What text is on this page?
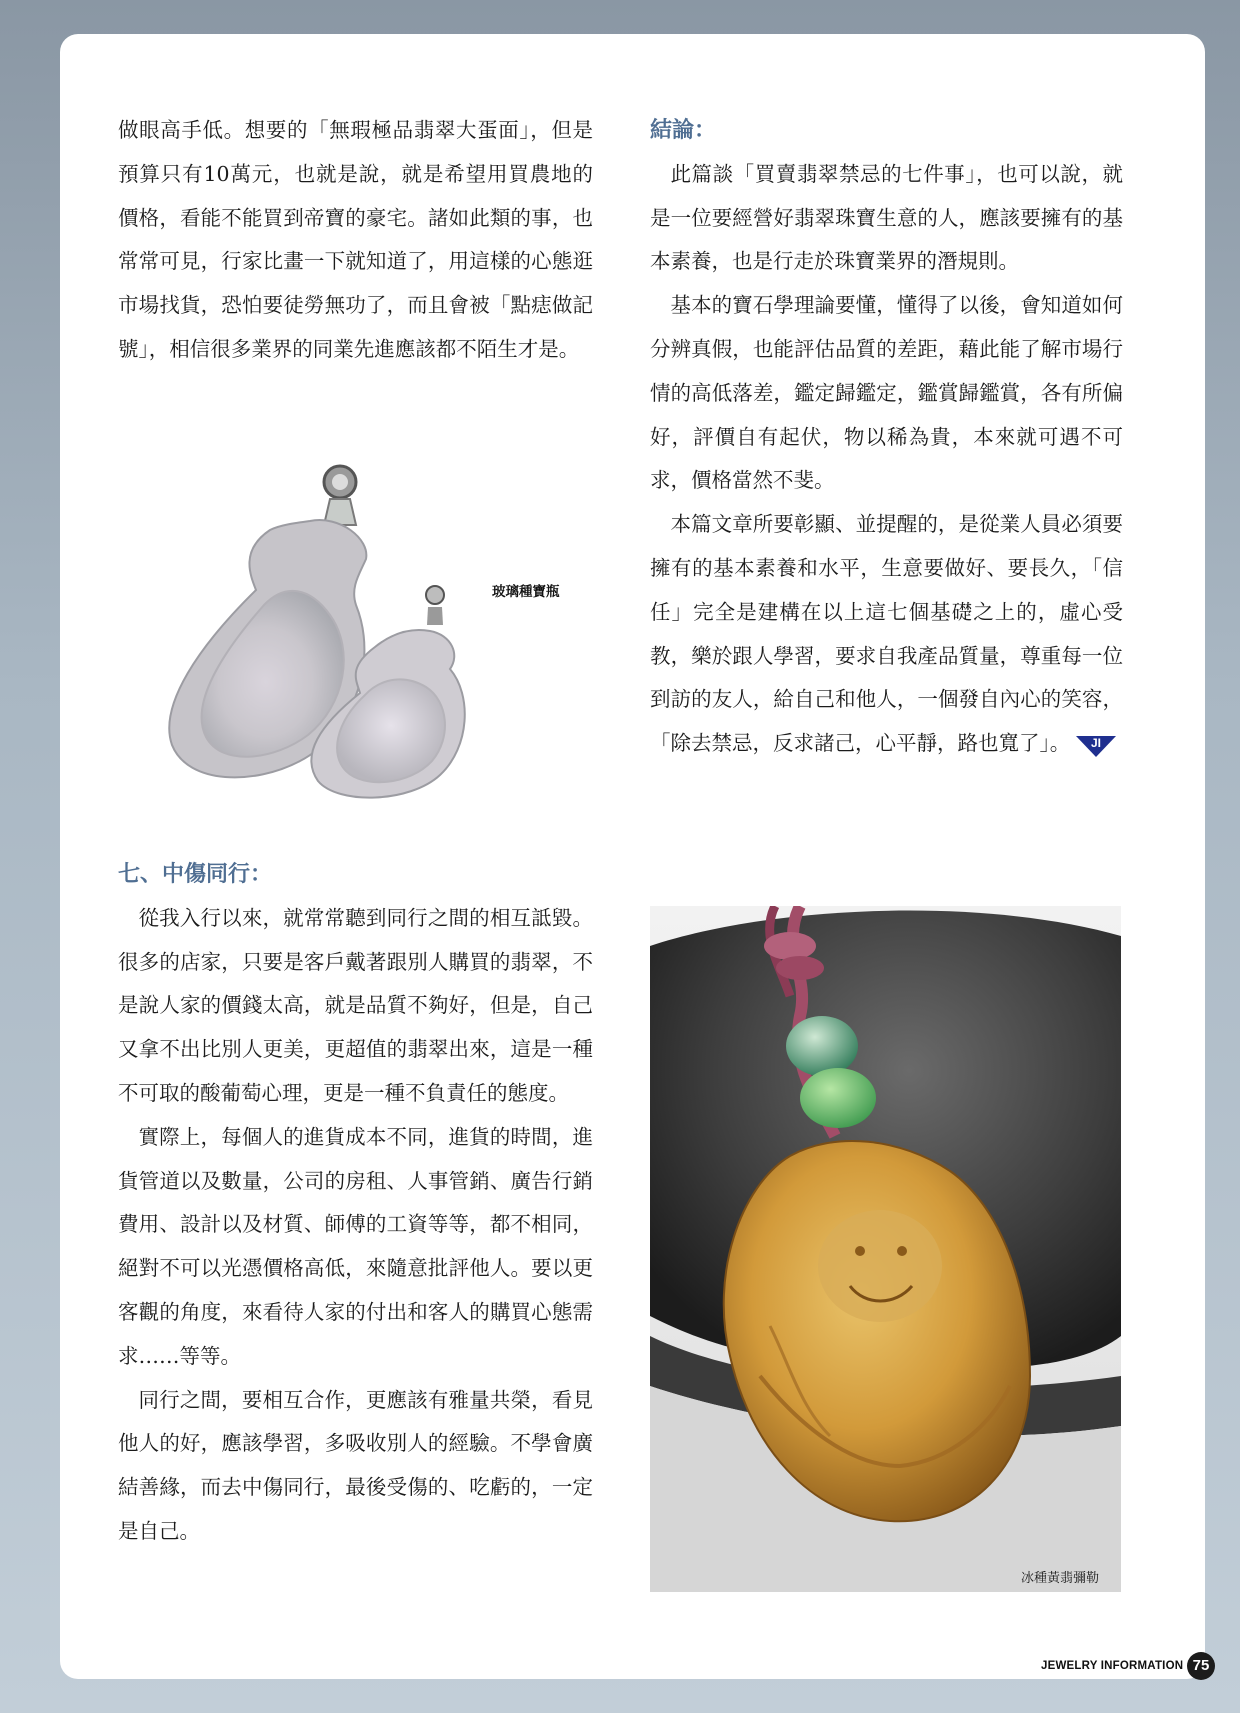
做眼高手低。想要的「無瑕極品翡翠大蛋面」，但是預算只有10萬元，也就是說，就是希望用買農地的價格，看能不能買到帝寶的豪宅。諸如此類的事，也常常可見，行家比畫一下就知道了，用這樣的心態逛市場找貨，恐怕要徒勞無功了，而且會被「點痣做記號」，相信很多業界的同業先進應該都不陌生才是。

玻璃種寶瓶

結論：

此篇談「買賣翡翠禁忌的七件事」，也可以說，就是一位要經營好翡翠珠寶生意的人，應該要擁有的基本素養，也是行走於珠寶業界的潛規則。

基本的寶石學理論要懂，懂得了以後，會知道如何分辨真假，也能評估品質的差距，藉此能了解市場行情的高低落差，鑑定歸鑑定，鑑賞歸鑑賞，各有所偏好，評價自有起伏，物以稀為貴，本來就可遇不可求，價格當然不斐。

本篇文章所要彰顯、並提醒的，是從業人員必須要擁有的基本素養和水平，生意要做好、要長久，「信任」完全是建構在以上這七個基礎之上的，虛心受教，樂於跟人學習，要求自我產品質量，尊重每一位到訪的友人，給自己和他人，一個發自內心的笑容，「除去禁忌，反求諸己，心平靜，路也寬了」。 JI

七、中傷同行：

從我入行以來，就常常聽到同行之間的相互詆毀。很多的店家，只要是客戶戴著跟別人購買的翡翠，不是說人家的價錢太高，就是品質不夠好，但是，自己又拿不出比別人更美，更超值的翡翠出來，這是一種不可取的酸葡萄心理，更是一種不負責任的態度。

實際上，每個人的進貨成本不同，進貨的時間，進貨管道以及數量，公司的房租、人事管銷、廣告行銷費用、設計以及材質、師傅的工資等等，都不相同，絕對不可以光憑價格高低，來隨意批評他人。要以更客觀的角度，來看待人家的付出和客人的購買心態需求……等等。

同行之間，要相互合作，更應該有雅量共榮，看見他人的好，應該學習，多吸收別人的經驗。不學會廣結善緣，而去中傷同行，最後受傷的、吃虧的，一定是自己。

冰種黃翡彌勒
JEWELRY INFORMATION 75
